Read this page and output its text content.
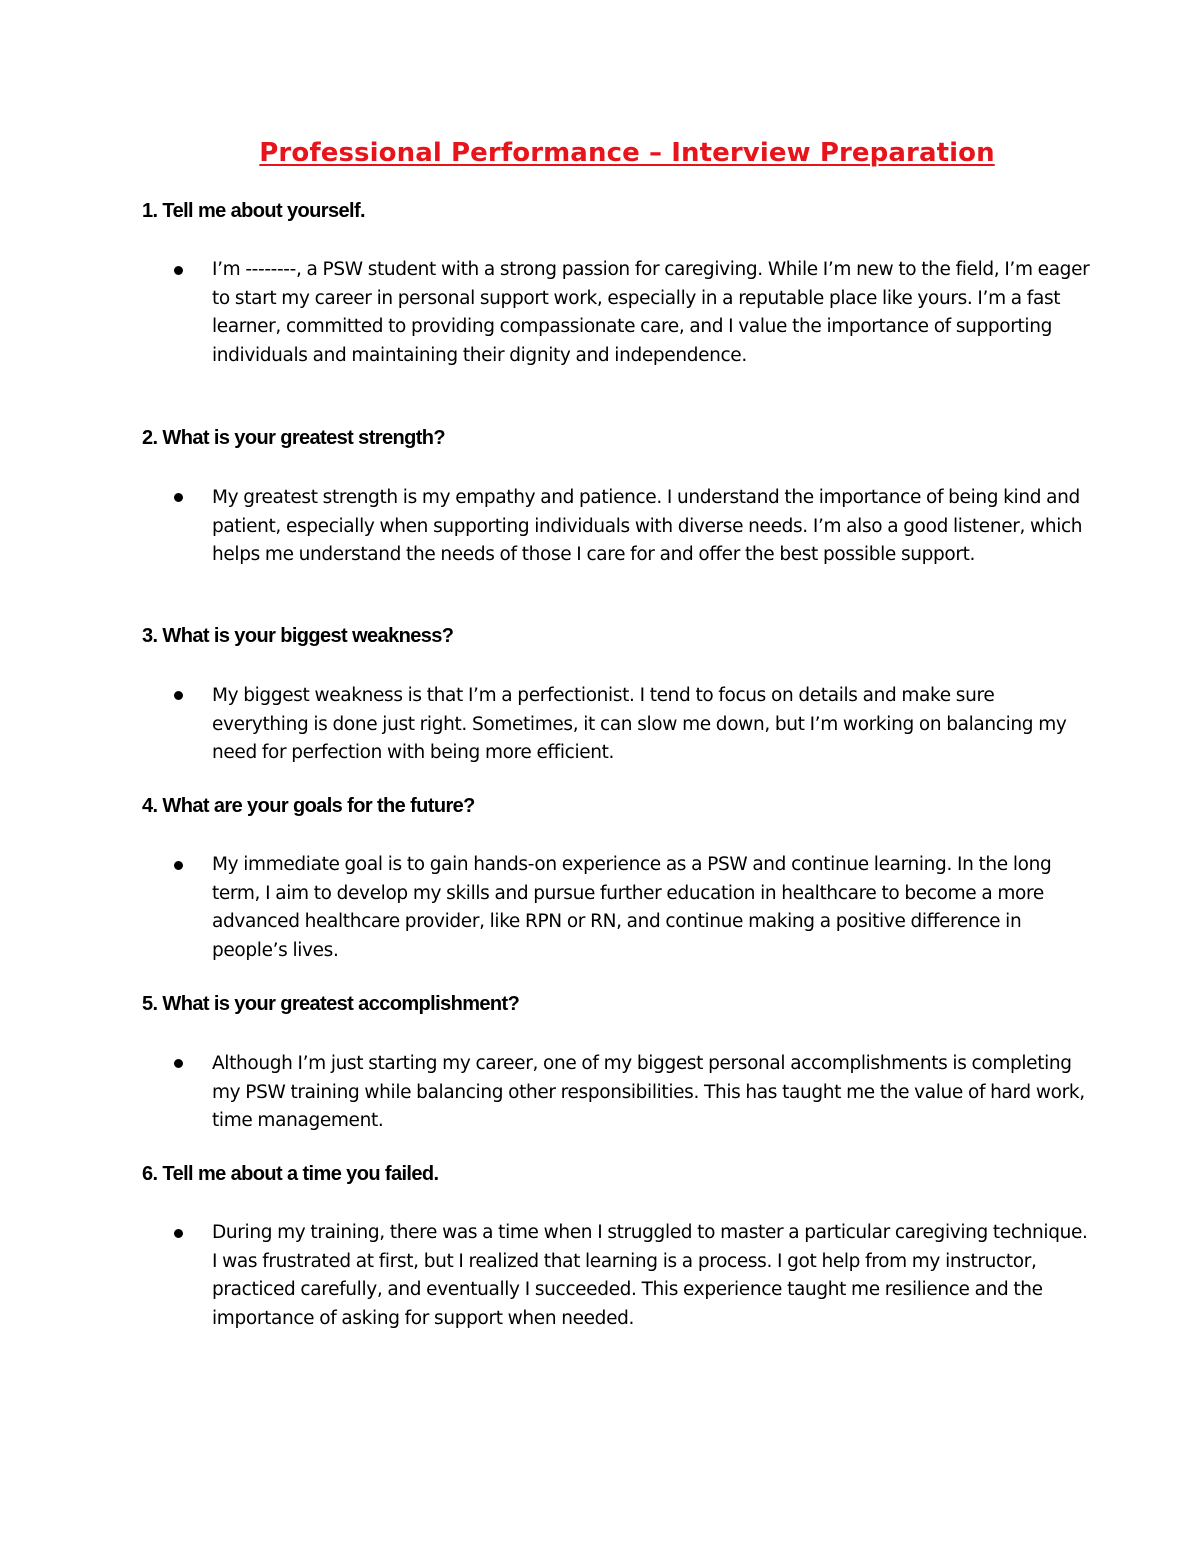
Professional Performance – Interview Preparation

1. Tell me about yourself.

I’m --------, a PSW student with a strong passion for caregiving. While I’m new to the field, I’m eager to start my career in personal support work, especially in a reputable place like yours. I’m a fast learner, committed to providing compassionate care, and I value the importance of supporting individuals and maintaining their dignity and independence.

2. What is your greatest strength?

My greatest strength is my empathy and patience. I understand the importance of being kind and patient, especially when supporting individuals with diverse needs. I’m also a good listener, which helps me understand the needs of those I care for and offer the best possible support.

3. What is your biggest weakness?

My biggest weakness is that I’m a perfectionist. I tend to focus on details and make sure everything is done just right. Sometimes, it can slow me down, but I’m working on balancing my need for perfection with being more efficient.

4. What are your goals for the future?

My immediate goal is to gain hands-on experience as a PSW and continue learning. In the long term, I aim to develop my skills and pursue further education in healthcare to become a more advanced healthcare provider, like RPN or RN, and continue making a positive difference in people’s lives.

5. What is your greatest accomplishment?

Although I’m just starting my career, one of my biggest personal accomplishments is completing my PSW training while balancing other responsibilities. This has taught me the value of hard work, time management.

6. Tell me about a time you failed.

During my training, there was a time when I struggled to master a particular caregiving technique. I was frustrated at first, but I realized that learning is a process. I got help from my instructor, practiced carefully, and eventually I succeeded. This experience taught me resilience and the importance of asking for support when needed.
